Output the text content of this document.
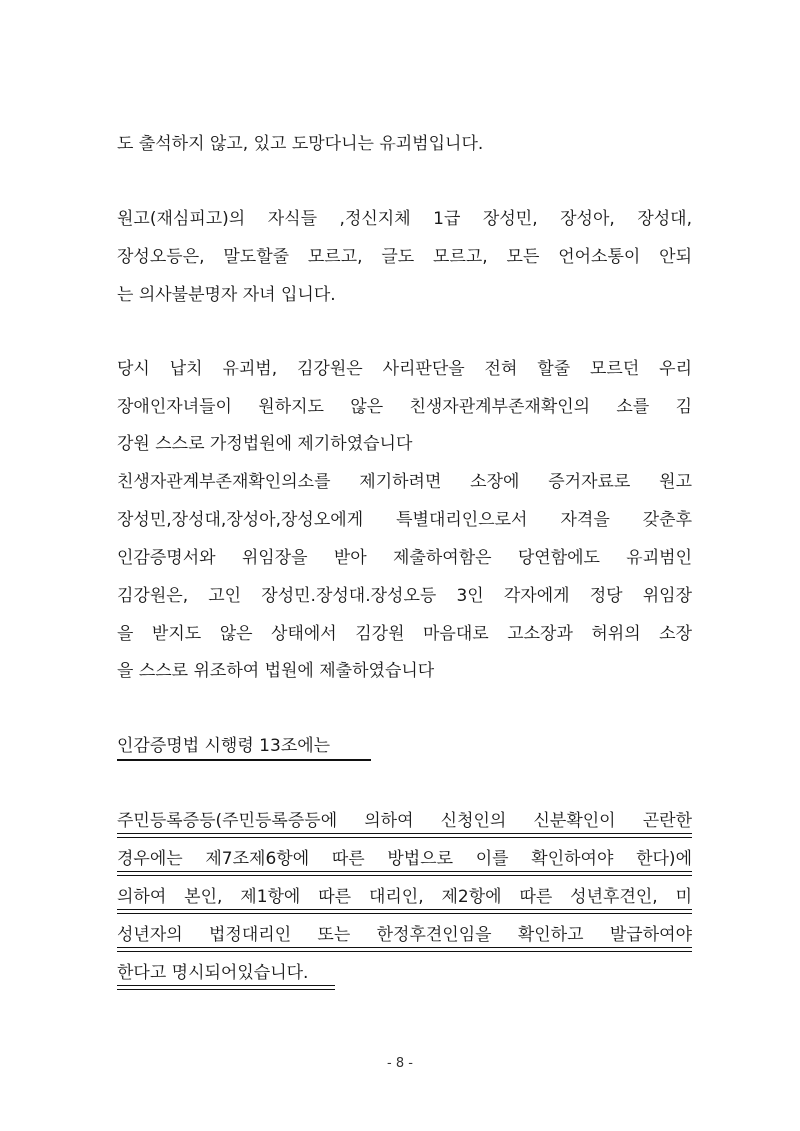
도 출석하지 않고, 있고 도망다니는 유괴범입니다.
원고(재심피고)의 자식들 ,정신지체 1급 장성민, 장성아, 장성대,
장성오등은, 말도할줄 모르고, 글도 모르고, 모든 언어소통이 안되
는 의사불분명자 자녀 입니다.
당시 납치 유괴범, 김강원은 사리판단을 전혀 할줄 모르던 우리
장애인자녀들이 원하지도 않은 친생자관계부존재확인의 소를 김
강원 스스로 가정법원에 제기하였습니다
친생자관계부존재확인의소를 제기하려면 소장에 증거자료로 원고
장성민,장성대,장성아,장성오에게 특별대리인으로서 자격을 갖춘후
인감증명서와 위임장을 받아 제출하여함은 당연함에도 유괴범인
김강원은, 고인 장성민.장성대.장성오등 3인 각자에게 정당 위임장
을 받지도 않은 상태에서 김강원 마음대로 고소장과 허위의 소장
을 스스로 위조하여 법원에 제출하였습니다
인감증명법 시행령 13조에는
주민등록증등(주민등록증등에 의하여 신청인의 신분확인이 곤란한
경우에는 제7조제6항에 따른 방법으로 이를 확인하여야 한다)에
의하여 본인, 제1항에 따른 대리인, 제2항에 따른 성년후견인, 미
성년자의 법정대리인 또는 한정후견인임을 확인하고 발급하여야
한다고 명시되어있습니다.
- 8 -
